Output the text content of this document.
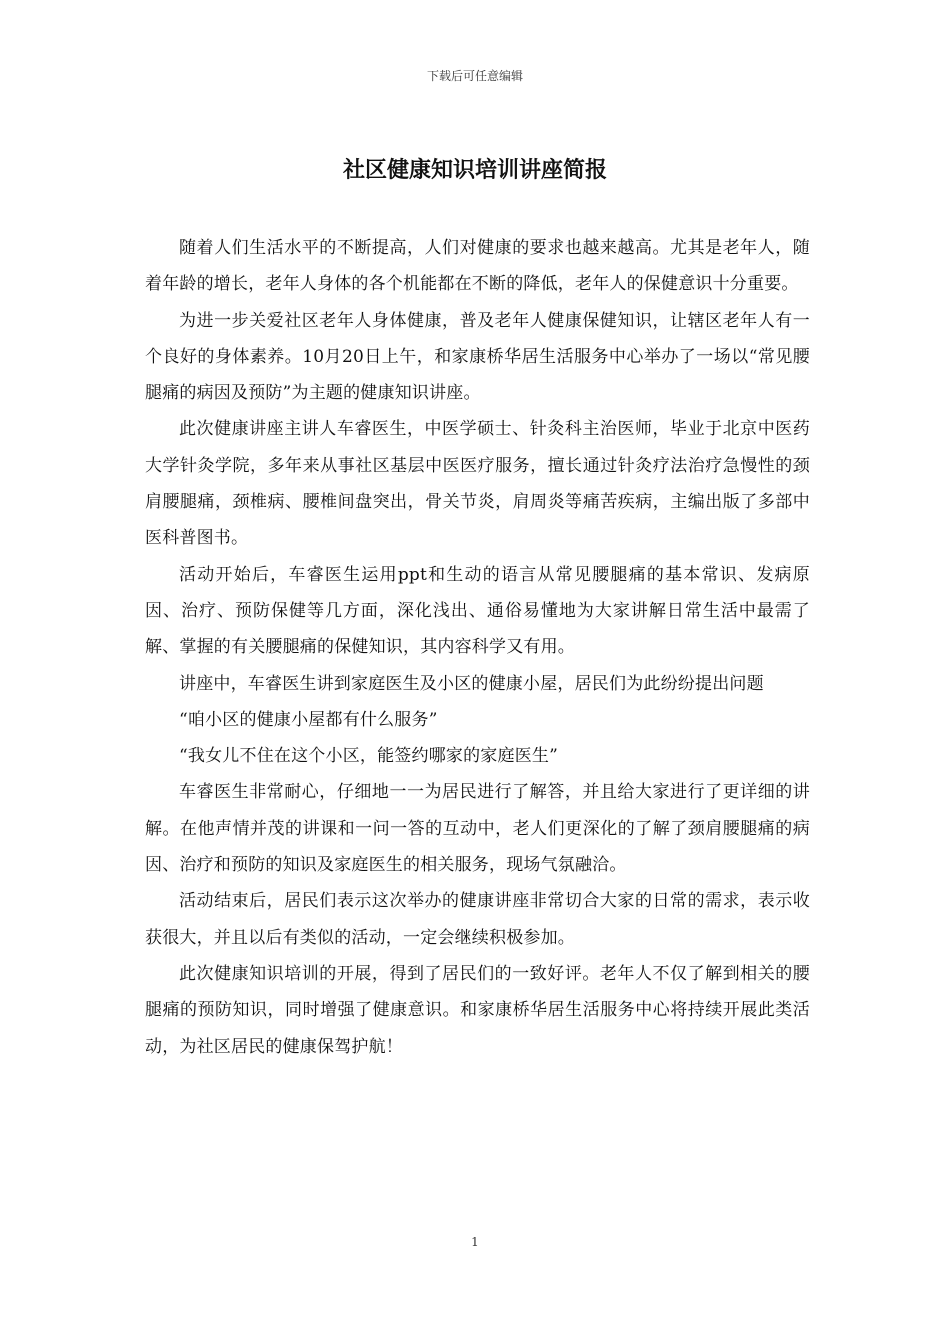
下载后可任意编辑
社区健康知识培训讲座简报

随着人们生活水平的不断提高，人们对健康的要求也越来越高。尤其是老年人，随着年龄的增长，老年人身体的各个机能都在不断的降低，老年人的保健意识十分重要。

为进一步关爱社区老年人身体健康，普及老年人健康保健知识，让辖区老年人有一个良好的身体素养。10月20日上午，和家康桥华居生活服务中心举办了一场以“常见腰腿痛的病因及预防”为主题的健康知识讲座。

此次健康讲座主讲人车睿医生，中医学硕士、针灸科主治医师，毕业于北京中医药大学针灸学院，多年来从事社区基层中医医疗服务，擅长通过针灸疗法治疗急慢性的颈肩腰腿痛，颈椎病、腰椎间盘突出，骨关节炎，肩周炎等痛苦疾病，主编出版了多部中医科普图书。

活动开始后，车睿医生运用ppt和生动的语言从常见腰腿痛的基本常识、发病原因、治疗、预防保健等几方面，深化浅出、通俗易懂地为大家讲解日常生活中最需了解、掌握的有关腰腿痛的保健知识，其内容科学又有用。

讲座中，车睿医生讲到家庭医生及小区的健康小屋，居民们为此纷纷提出问题

“咱小区的健康小屋都有什么服务”

“我女儿不住在这个小区，能签约哪家的家庭医生”

车睿医生非常耐心，仔细地一一为居民进行了解答，并且给大家进行了更详细的讲解。在他声情并茂的讲课和一问一答的互动中，老人们更深化的了解了颈肩腰腿痛的病因、治疗和预防的知识及家庭医生的相关服务，现场气氛融洽。

活动结束后，居民们表示这次举办的健康讲座非常切合大家的日常的需求，表示收获很大，并且以后有类似的活动，一定会继续积极参加。

此次健康知识培训的开展，得到了居民们的一致好评。老年人不仅了解到相关的腰腿痛的预防知识，同时增强了健康意识。和家康桥华居生活服务中心将持续开展此类活动，为社区居民的健康保驾护航！

1
